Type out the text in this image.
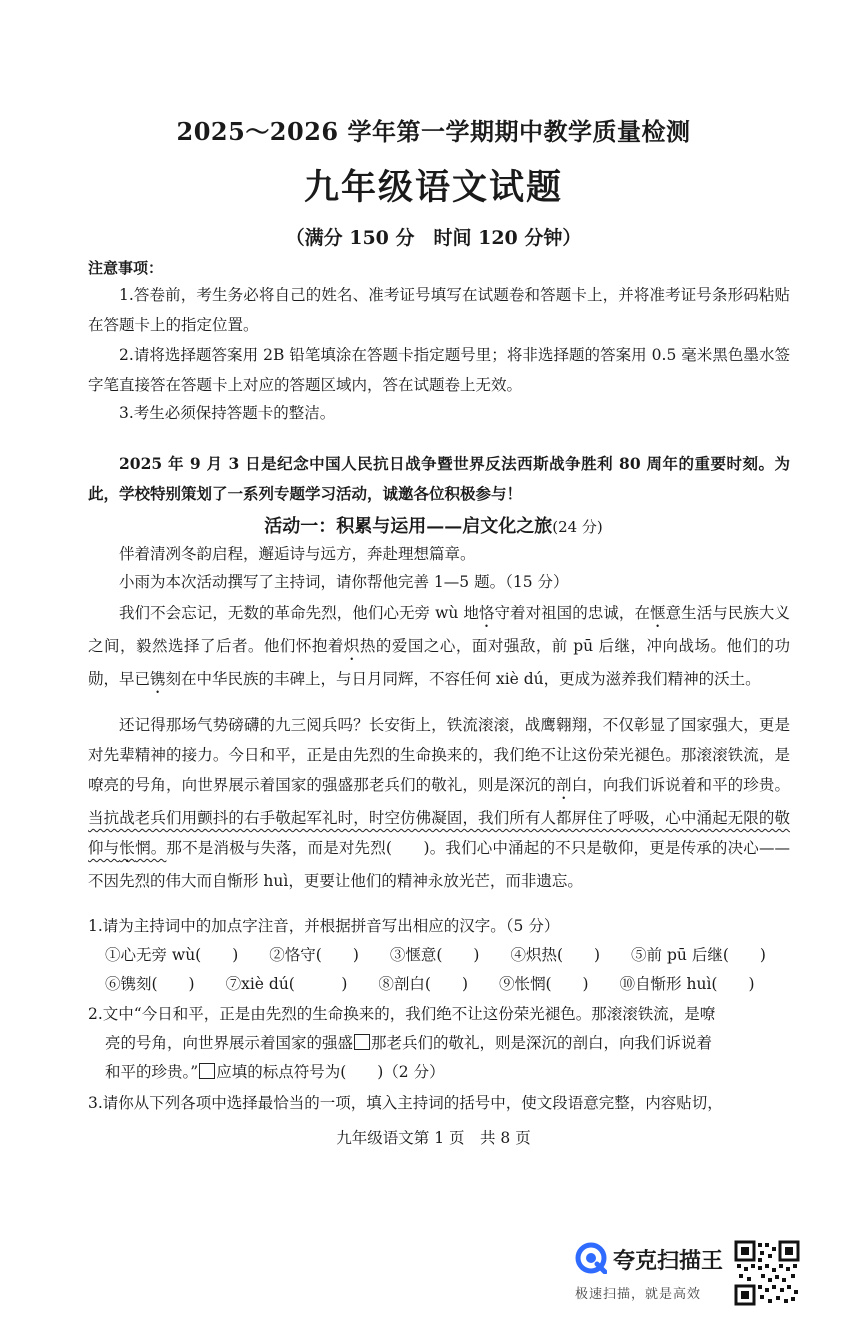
2025～2026 学年第一学期期中教学质量检测
九年级语文试题
（满分 150 分　时间 120 分钟）
注意事项：
1.答卷前，考生务必将自己的姓名、准考证号填写在试题卷和答题卡上，并将准考证号条形码粘贴在答题卡上的指定位置。
2.请将选择题答案用 2B 铅笔填涂在答题卡指定题号里；将非选择题的答案用 0.5 毫米黑色墨水签字笔直接答在答题卡上对应的答题区域内，答在试题卷上无效。
3.考生必须保持答题卡的整洁。
2025 年 9 月 3 日是纪念中国人民抗日战争暨世界反法西斯战争胜利 80 周年的重要时刻。为此，学校特别策划了一系列专题学习活动，诚邀各位积极参与！
活动一：积累与运用——启文化之旅(24 分)
伴着清冽冬韵启程，邂逅诗与远方，奔赴理想篇章。
小雨为本次活动撰写了主持词，请你帮他完善 1—5 题。（15 分）
我们不会忘记，无数的革命先烈，他们心无旁 wù 地恪守着对祖国的忠诚，在惬意生活与民族大义之间，毅然选择了后者。他们怀抱着炽热的爱国之心，面对强敌，前 pū 后继，冲向战场。他们的功勋，早已镌刻在中华民族的丰碑上，与日月同辉，不容任何 xiè dú，更成为滋养我们精神的沃土。
还记得那场气势磅礴的九三阅兵吗？长安街上，铁流滚滚，战鹰翱翔，不仅彰显了国家强大，更是对先辈精神的接力。今日和平，正是由先烈的生命换来的，我们绝不让这份荣光褪色。那滚滚铁流，是嘹亮的号角，向世界展示着国家的强盛那老兵们的敬礼，则是深沉的剖白，向我们诉说着和平的珍贵。当抗战老兵们用颤抖的右手敬起军礼时，时空仿佛凝固，我们所有人都屏住了呼吸，心中涌起无限的敬仰与怅惘。那不是消极与失落，而是对先烈(　　)。我们心中涌起的不只是敬仰，更是传承的决心——不因先烈的伟大而自惭形 huì，更要让他们的精神永放光芒，而非遗忘。
1.请为主持词中的加点字注音，并根据拼音写出相应的汉字。（5 分）
①心无旁 wù(　　)　　②恪守(　　)　　③惬意(　　)　　④炽热(　　)　　⑤前 pū 后继(　　)
⑥镌刻(　　)　　⑦xiè dú(　　　)　　⑧剖白(　　)　　⑨怅惘(　　)　　⑩自惭形 huì(　　)
2.文中“今日和平，正是由先烈的生命换来的，我们绝不让这份荣光褪色。那滚滚铁流，是嘹
亮的号角，向世界展示着国家的强盛 那老兵们的敬礼，则是深沉的剖白，向我们诉说着
和平的珍贵。” 应填的标点符号为(　　)（2 分）
3.请你从下列各项中选择最恰当的一项，填入主持词的括号中，使文段语意完整，内容贴切，
九年级语文第 1 页　共 8 页
夸克扫描王
极速扫描，就是高效
